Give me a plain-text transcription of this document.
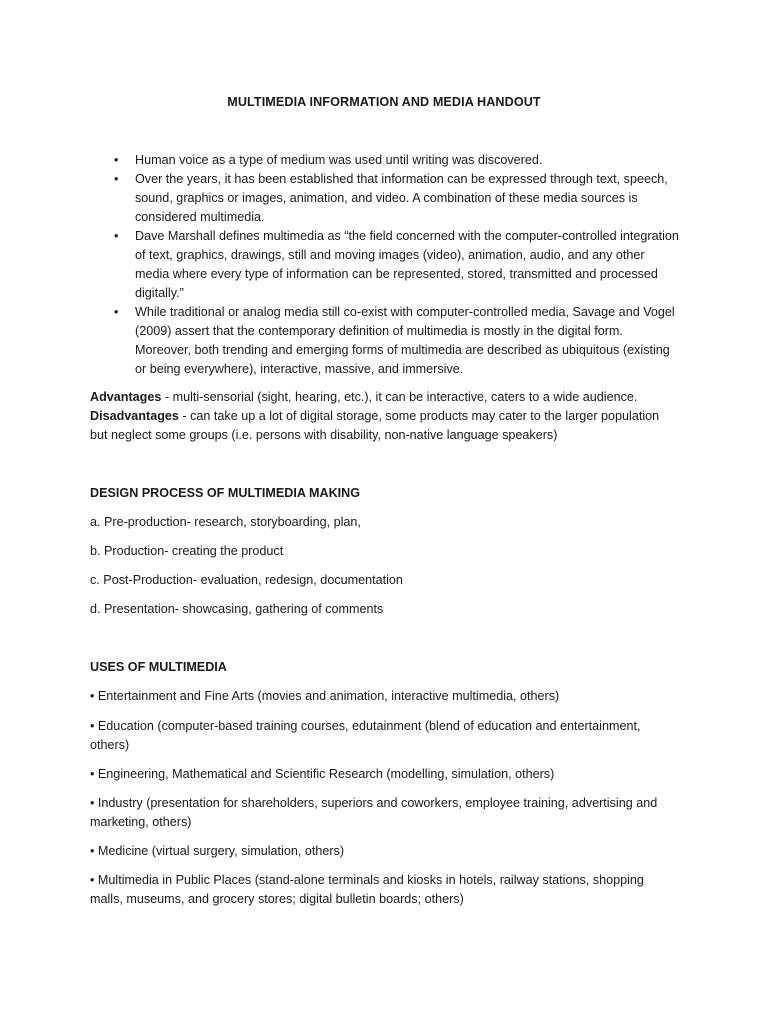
MULTIMEDIA INFORMATION AND MEDIA HANDOUT
• Human voice as a type of medium was used until writing was discovered.
• Over the years, it has been established that information can be expressed through text, speech, sound, graphics or images, animation, and video. A combination of these media sources is considered multimedia.
• Dave Marshall defines multimedia as “the field concerned with the computer-controlled integration of text, graphics, drawings, still and moving images (video), animation, audio, and any other media where every type of information can be represented, stored, transmitted and processed digitally.”
• While traditional or analog media still co-exist with computer-controlled media, Savage and Vogel (2009) assert that the contemporary definition of multimedia is mostly in the digital form. Moreover, both trending and emerging forms of multimedia are described as ubiquitous (existing or being everywhere), interactive, massive, and immersive.
Advantages - multi-sensorial (sight, hearing, etc.), it can be interactive, caters to a wide audience.
Disadvantages - can take up a lot of digital storage, some products may cater to the larger population but neglect some groups (i.e. persons with disability, non-native language speakers)
DESIGN PROCESS OF MULTIMEDIA MAKING
a. Pre-production- research, storyboarding, plan,
b. Production- creating the product
c. Post-Production- evaluation, redesign, documentation
d. Presentation- showcasing, gathering of comments
USES OF MULTIMEDIA
• Entertainment and Fine Arts (movies and animation, interactive multimedia, others)
• Education (computer-based training courses, edutainment (blend of education and entertainment, others)
• Engineering, Mathematical and Scientific Research (modelling, simulation, others)
• Industry (presentation for shareholders, superiors and coworkers, employee training, advertising and marketing, others)
• Medicine (virtual surgery, simulation, others)
• Multimedia in Public Places (stand-alone terminals and kiosks in hotels, railway stations, shopping malls, museums, and grocery stores; digital bulletin boards; others)
